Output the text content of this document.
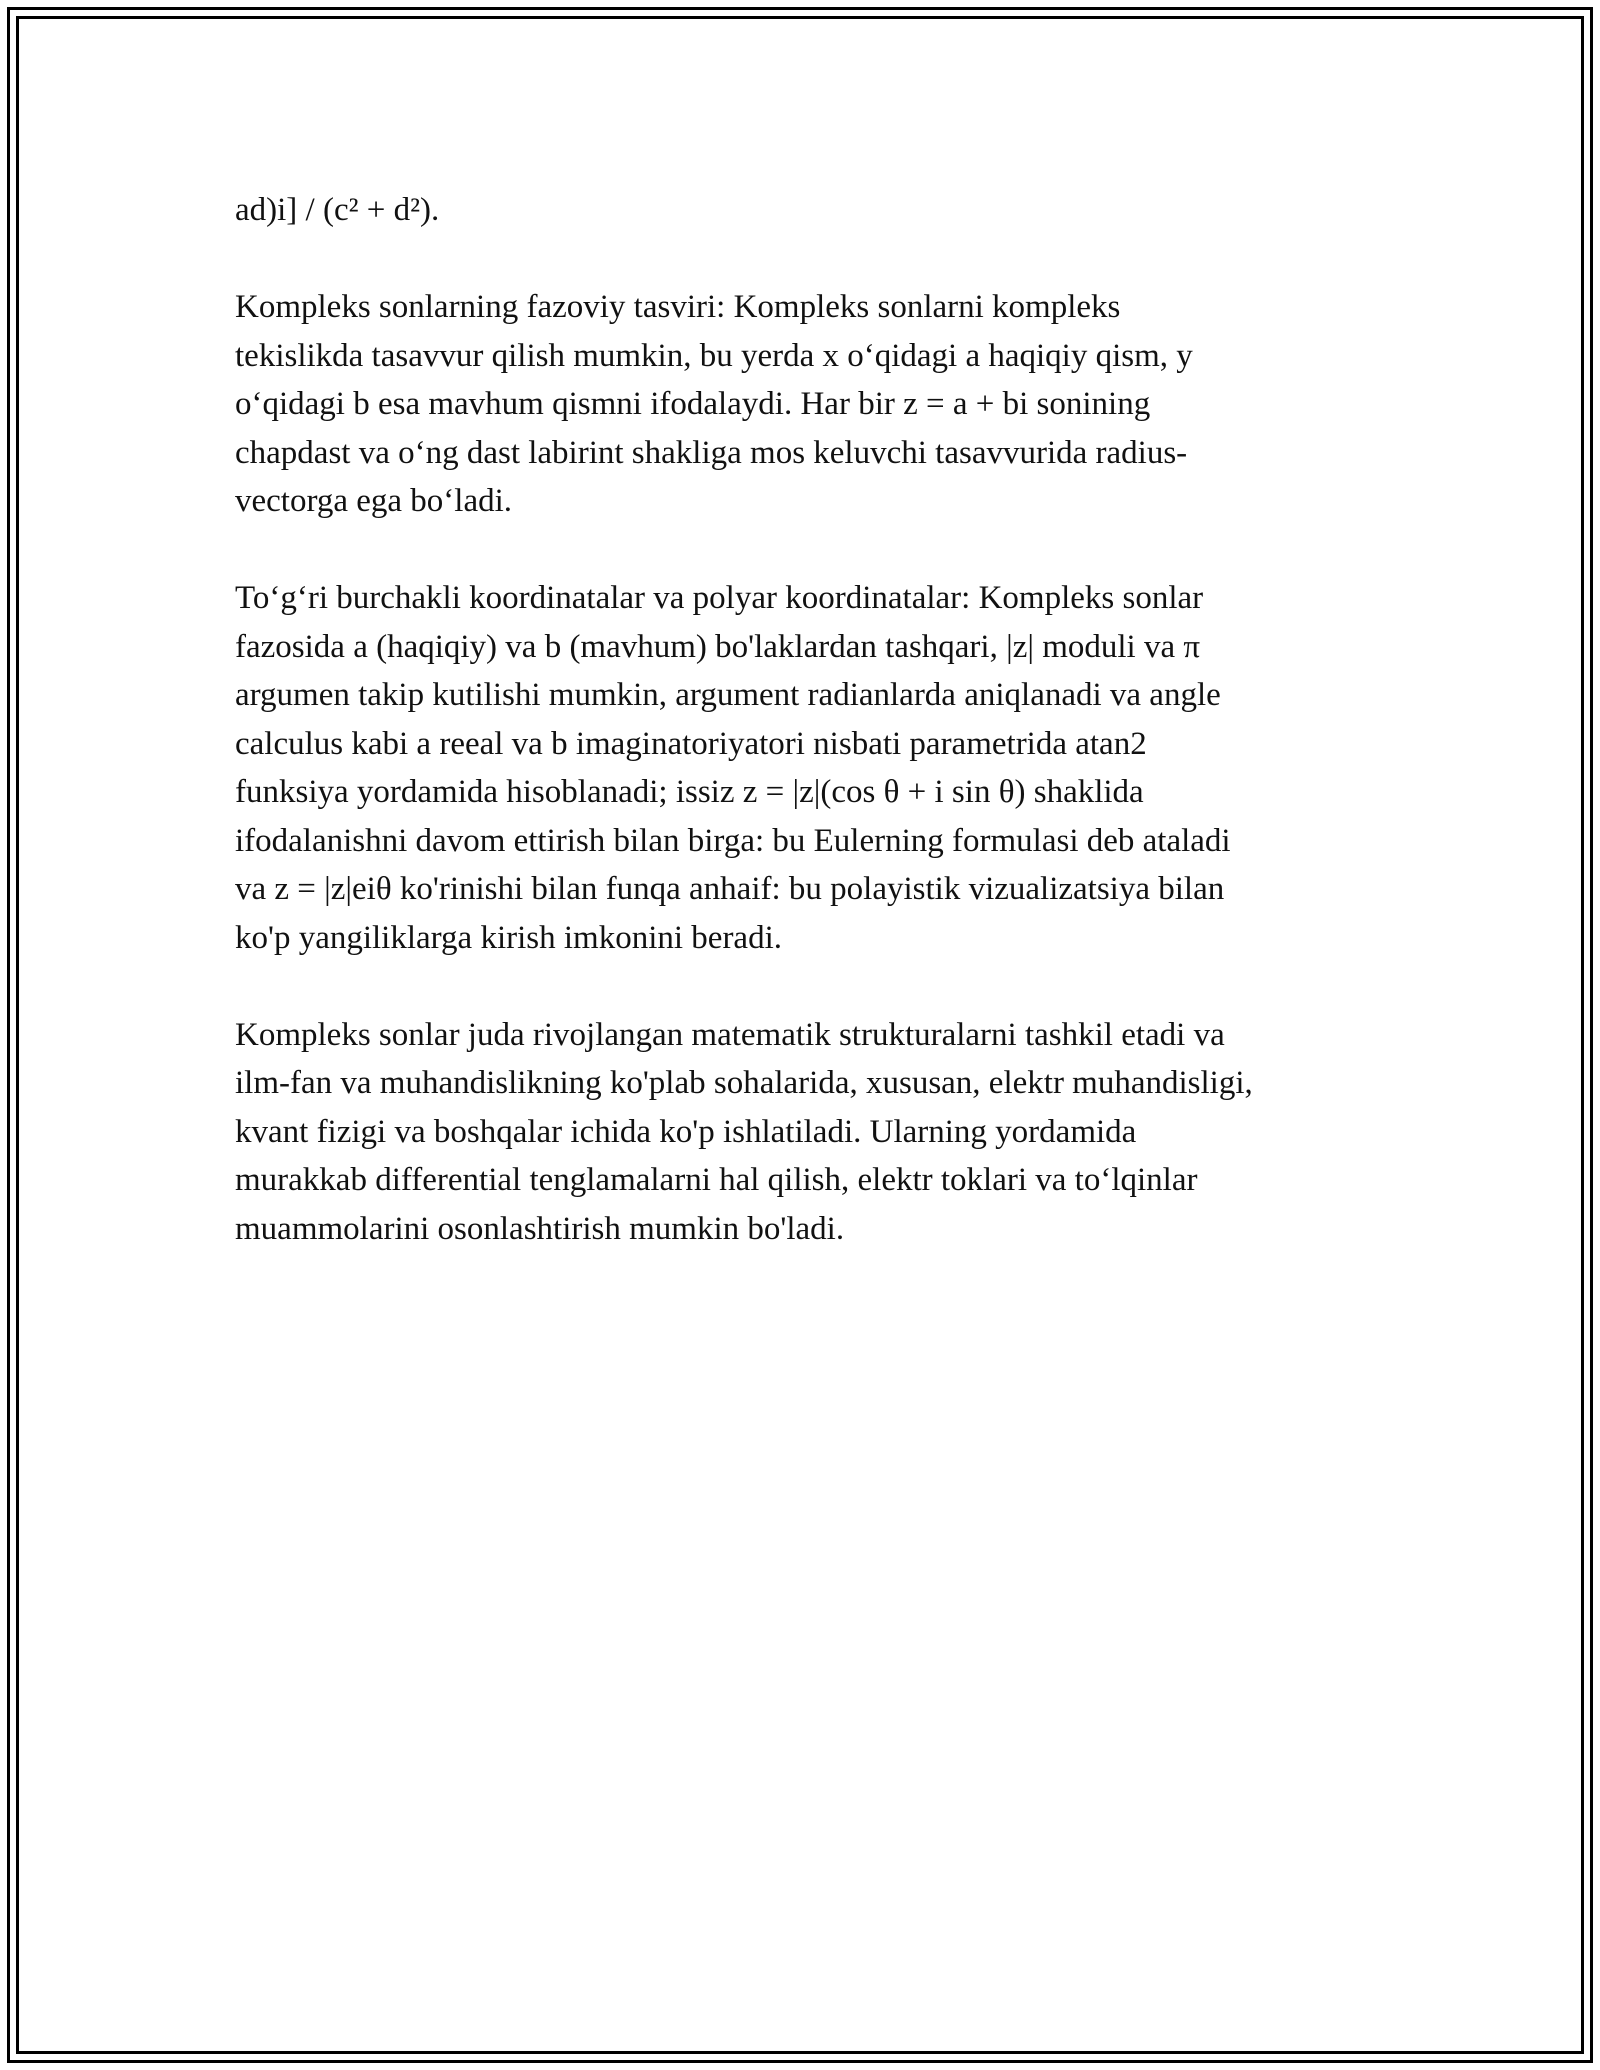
ad)i] / (c² + d²).

Kompleks sonlarning fazoviy tasviri: Kompleks sonlarni kompleks
tekislikda tasavvur qilish mumkin, bu yerda x o‘qidagi a haqiqiy qism, y
o‘qidagi b esa mavhum qismni ifodalaydi. Har bir z = a + bi sonining
chapdast va o‘ng dast labirint shakliga mos keluvchi tasavvurida radius-
vectorga ega bo‘ladi.

To‘g‘ri burchakli koordinatalar va polyar koordinatalar: Kompleks sonlar
fazosida a (haqiqiy) va b (mavhum) bo'laklardan tashqari, |z| moduli va π
argumen takip kutilishi mumkin, argument radianlarda aniqlanadi va angle
calculus kabi a reeal va b imaginatoriyatori nisbati parametrida atan2
funksiya yordamida hisoblanadi; issiz z = |z|(cos θ + i sin θ) shaklida
ifodalanishni davom ettirish bilan birga: bu Eulerning formulasi deb ataladi
va z = |z|eiθ ko'rinishi bilan funqa anhaif: bu polayistik vizualizatsiya bilan
ko'p yangiliklarga kirish imkonini beradi.

Kompleks sonlar juda rivojlangan matematik strukturalarni tashkil etadi va
ilm-fan va muhandislikning ko'plab sohalarida, xususan, elektr muhandisligi,
kvant fizigi va boshqalar ichida ko'p ishlatiladi. Ularning yordamida
murakkab differential tenglamalarni hal qilish, elektr toklari va to‘lqinlar
muammolarini osonlashtirish mumkin bo'ladi.
